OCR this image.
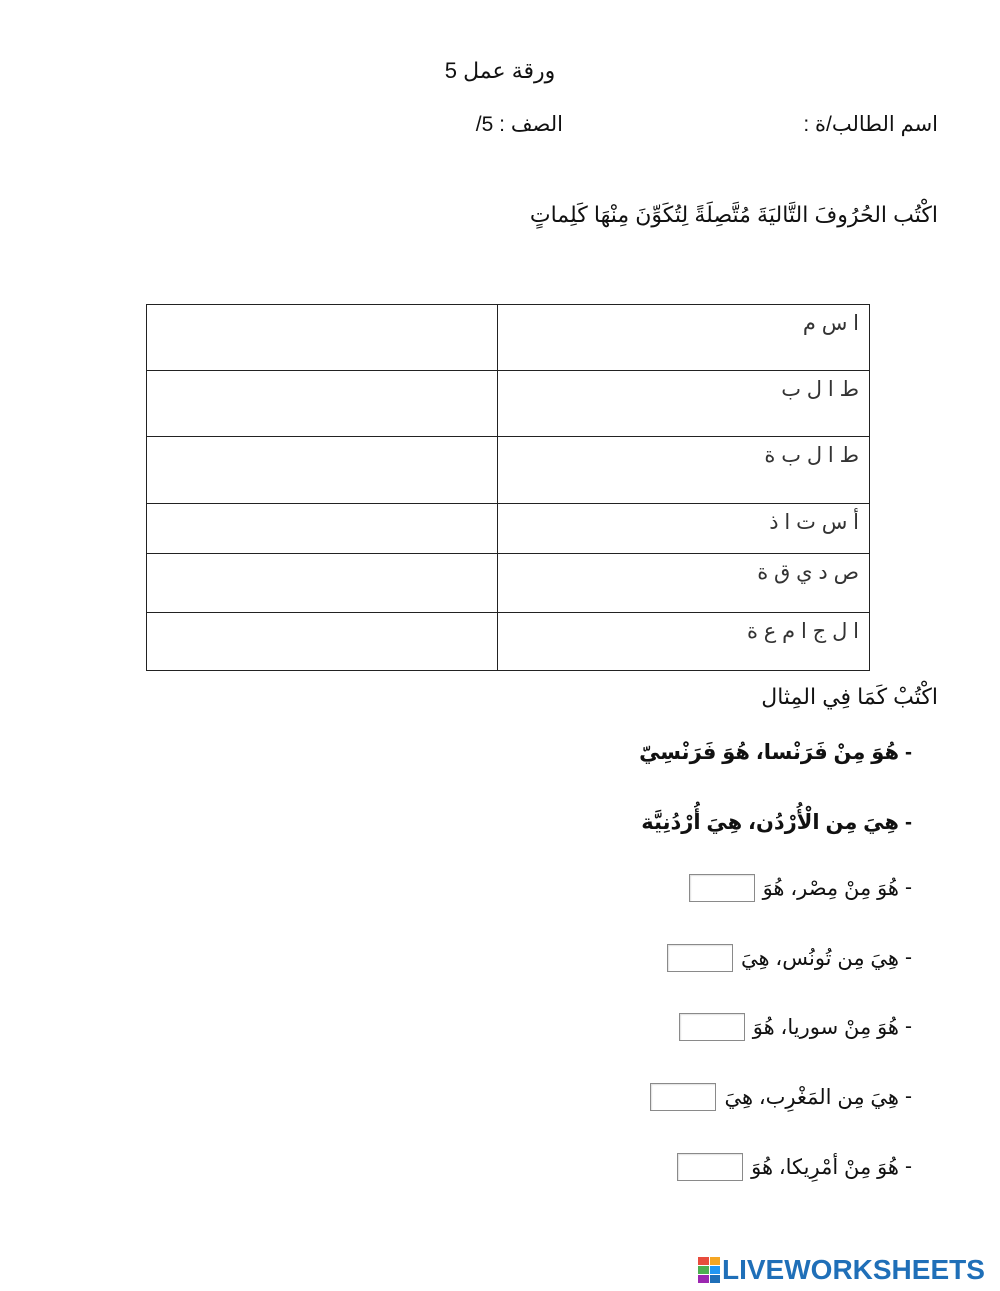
ورقة عمل 5
اسم الطالب/ة :
الصف : 5/
اكْتُب الحُرُوفَ التَّاليَةَ مُتَّصِلَةً لِتُكَوِّنَ مِنْهَا كَلِماتٍ
	ا س م
	ط ا ل ب
	ط ا ل ب ة
	أ س ت ا ذ
	ص د ي ق ة
	ا ل ج ا م ع ة
اكْتُبْ كَمَا فِي المِثال
-هُوَ مِنْ فَرَنْسا، هُوَ فَرَنْسِيّ
-هِيَ مِن الْأُرْدُن، هِيَ أُرْدُنِيَّة
-
هُوَ مِنْ مِصْر، هُوَ
-
هِيَ مِن تُونُس، هِيَ
-
هُوَ مِنْ سوريا، هُوَ
-
هِيَ مِن المَغْرِب، هِيَ
-
هُوَ مِنْ أمْرِيكا، هُوَ
LIVEWORKSHEETS
